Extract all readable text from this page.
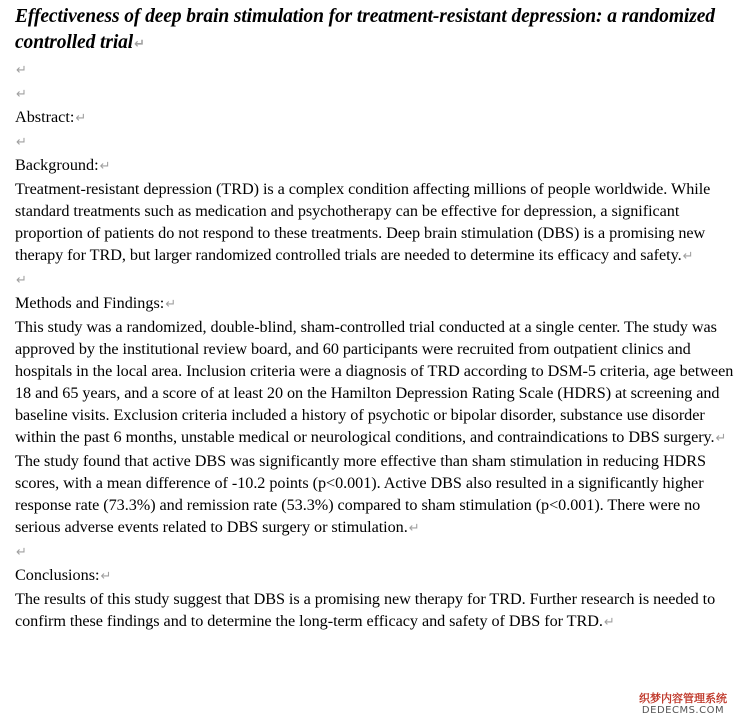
Effectiveness of deep brain stimulation for treatment-resistant depression: a randomized controlled trial↵
↵
↵
Abstract:↵
↵
Background:↵
Treatment-resistant depression (TRD) is a complex condition affecting millions of people worldwide. While standard treatments such as medication and psychotherapy can be effective for depression, a significant proportion of patients do not respond to these treatments. Deep brain stimulation (DBS) is a promising new therapy for TRD, but larger randomized controlled trials are needed to determine its efficacy and safety.↵
↵
Methods and Findings:↵
This study was a randomized, double-blind, sham-controlled trial conducted at a single center. The study was approved by the institutional review board, and 60 participants were recruited from outpatient clinics and hospitals in the local area. Inclusion criteria were a diagnosis of TRD according to DSM-5 criteria, age between 18 and 65 years, and a score of at least 20 on the Hamilton Depression Rating Scale (HDRS) at screening and baseline visits. Exclusion criteria included a history of psychotic or bipolar disorder, substance use disorder within the past 6 months, unstable medical or neurological conditions, and contraindications to DBS surgery.↵
The study found that active DBS was significantly more effective than sham stimulation in reducing HDRS scores, with a mean difference of -10.2 points (p<0.001). Active DBS also resulted in a significantly higher response rate (73.3%) and remission rate (53.3%) compared to sham stimulation (p<0.001). There were no serious adverse events related to DBS surgery or stimulation.↵
↵
Conclusions:↵
The results of this study suggest that DBS is a promising new therapy for TRD. Further research is needed to confirm these findings and to determine the long-term efficacy and safety of DBS for TRD.↵
织梦内容管理系统
DEDECMS.COM
